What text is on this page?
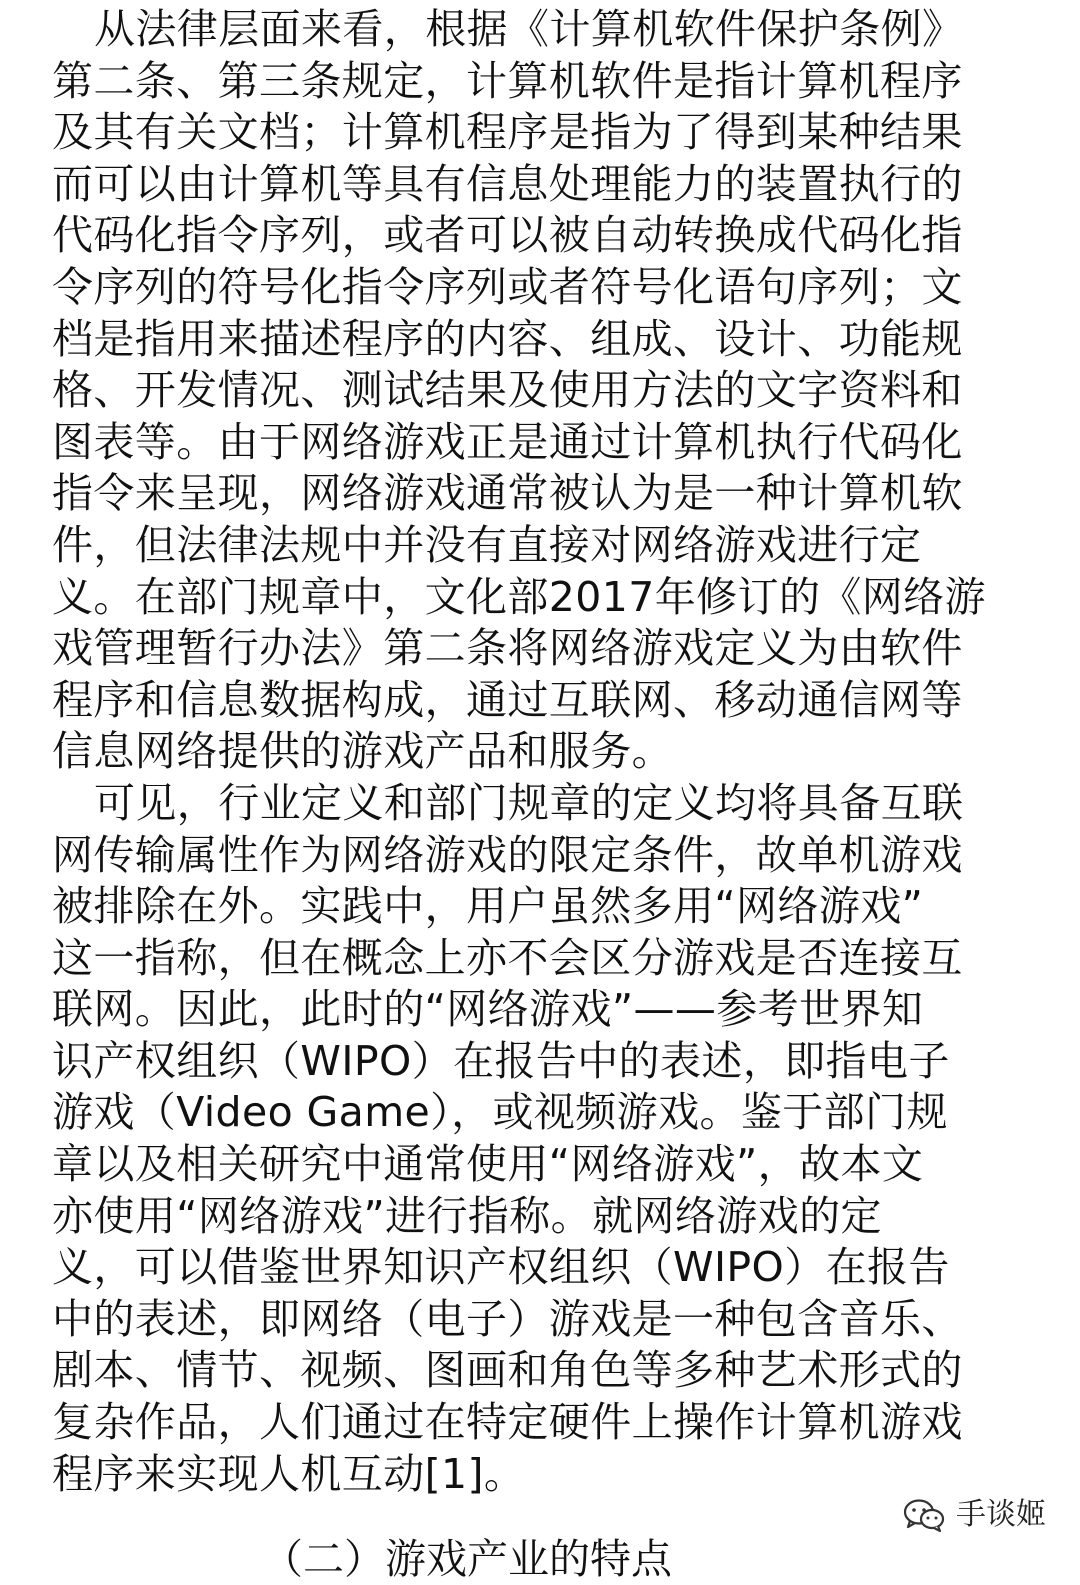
从法律层面来看，根据《计算机软件保护条例》
第二条、第三条规定，计算机软件是指计算机程序
及其有关文档；计算机程序是指为了得到某种结果
而可以由计算机等具有信息处理能力的装置执行的
代码化指令序列，或者可以被自动转换成代码化指
令序列的符号化指令序列或者符号化语句序列；文
档是指用来描述程序的内容、组成、设计、功能规
格、开发情况、测试结果及使用方法的文字资料和
图表等。由于网络游戏正是通过计算机执行代码化
指令来呈现，网络游戏通常被认为是一种计算机软
件，但法律法规中并没有直接对网络游戏进行定
义。在部门规章中，文化部2017年修订的《网络游
戏管理暂行办法》第二条将网络游戏定义为由软件
程序和信息数据构成，通过互联网、移动通信网等
信息网络提供的游戏产品和服务。
可见，行业定义和部门规章的定义均将具备互联
网传输属性作为网络游戏的限定条件，故单机游戏
被排除在外。实践中，用户虽然多用“网络游戏”
这一指称，但在概念上亦不会区分游戏是否连接互
联网。因此，此时的“网络游戏”——参考世界知
识产权组织（WIPO）在报告中的表述，即指电子
游戏（Video Game），或视频游戏。鉴于部门规
章以及相关研究中通常使用“网络游戏”，故本文
亦使用“网络游戏”进行指称。就网络游戏的定
义，可以借鉴世界知识产权组织（WIPO）在报告
中的表述，即网络（电子）游戏是一种包含音乐、
剧本、情节、视频、图画和角色等多种艺术形式的
复杂作品，人们通过在特定硬件上操作计算机游戏
程序来实现人机互动[1]。
（二）游戏产业的特点
手谈姬
